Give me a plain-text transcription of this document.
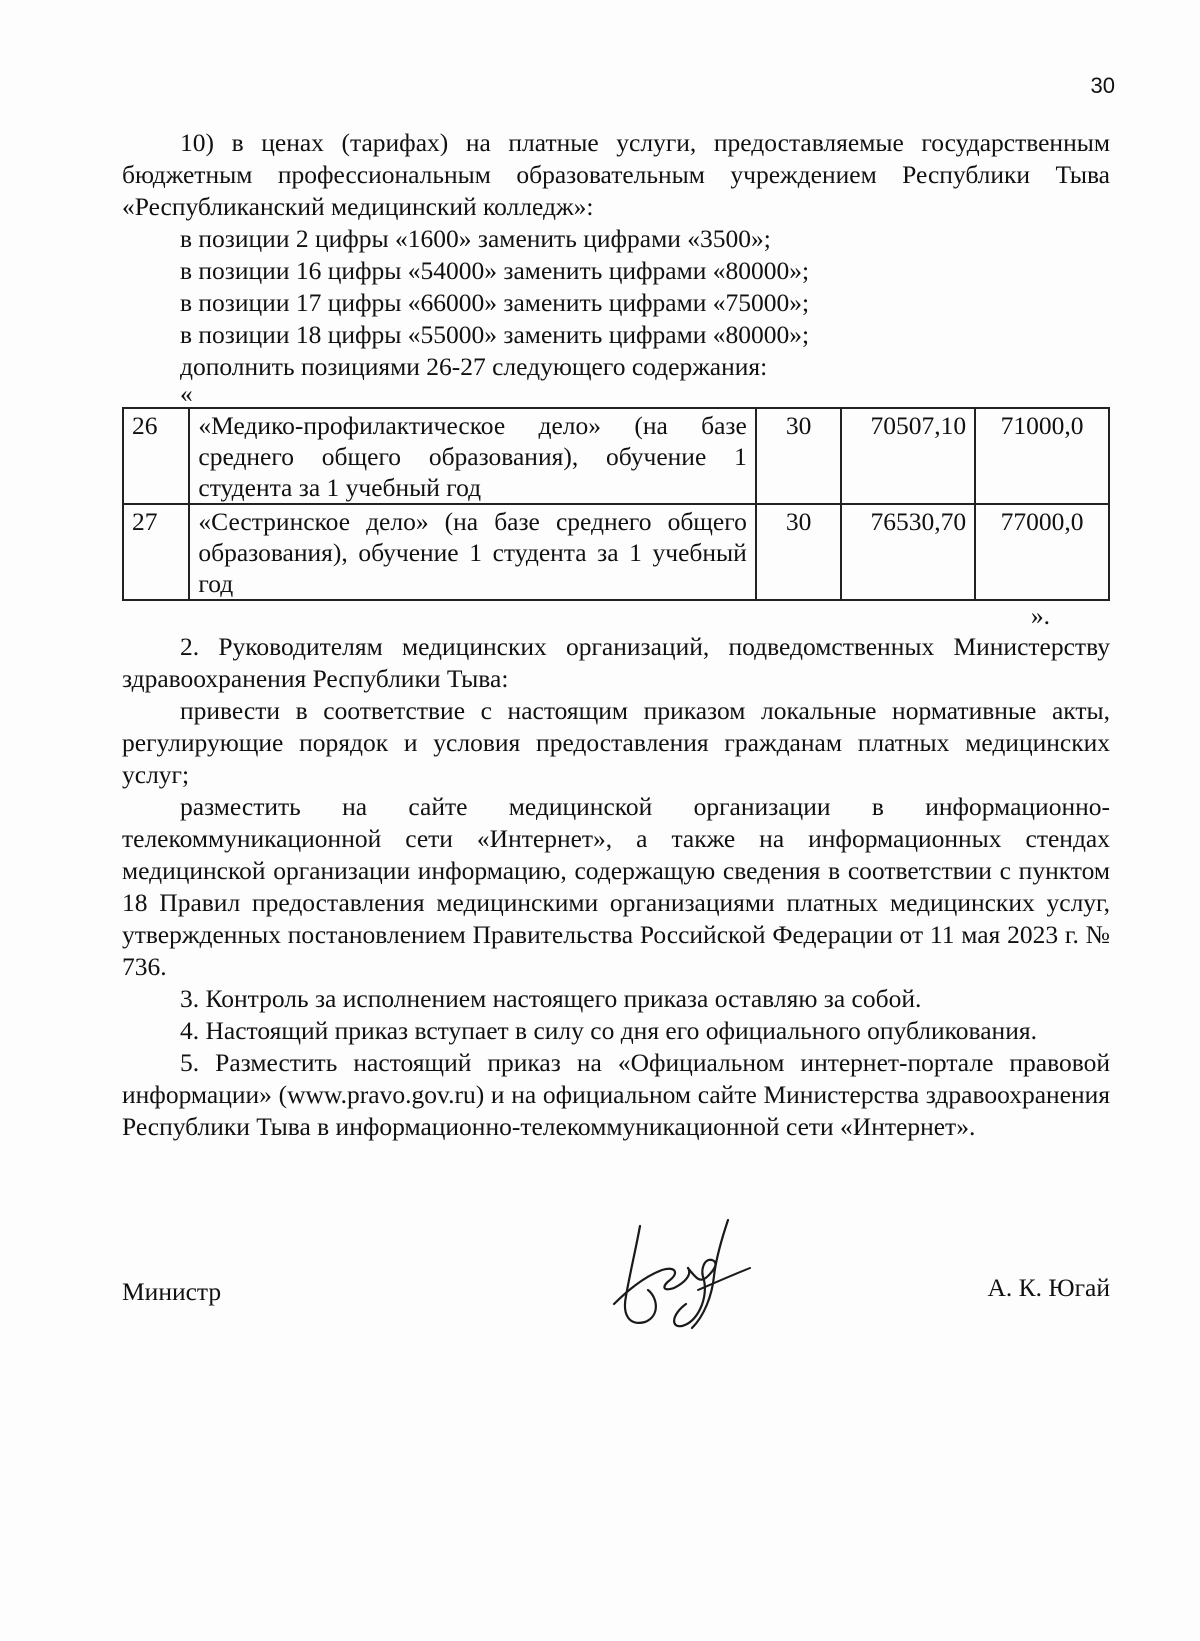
30

10) в ценах (тарифах) на платные услуги, предоставляемые государственным бюджетным профессиональным образовательным учреждением Республики Тыва «Республиканский медицинский колледж»:

в позиции 2 цифры «1600» заменить цифрами «3500»;

в позиции 16 цифры «54000» заменить цифрами «80000»;

в позиции 17 цифры «66000» заменить цифрами «75000»;

в позиции 18 цифры «55000» заменить цифрами «80000»;

дополнить позициями 26-27 следующего содержания:

«

26	«Медико-профилактическое дело» (на базе среднего общего образования), обучение 1 студента за 1 учебный год	30	70507,10	71000,0
27	«Сестринское дело» (на базе среднего общего образования), обучение 1 студента за 1 учебный год	30	76530,70	77000,0

».

2. Руководителям медицинских организаций, подведомственных Министерству здравоохранения Республики Тыва:

привести в соответствие с настоящим приказом локальные нормативные акты, регулирующие порядок и условия предоставления гражданам платных медицинских услуг;

разместить на сайте медицинской организации в информационно-телекоммуникационной сети «Интернет», а также на информационных стендах медицинской организации информацию, содержащую сведения в соответствии с пунктом 18 Правил предоставления медицинскими организациями платных медицинских услуг, утвержденных постановлением Правительства Российской Федерации от 11 мая 2023 г. № 736.

3. Контроль за исполнением настоящего приказа оставляю за собой.

4. Настоящий приказ вступает в силу со дня его официального опубликования.

5. Разместить настоящий приказ на «Официальном интернет-портале правовой информации» (www.pravo.gov.ru) и на официальном сайте Министерства здравоохранения Республики Тыва в информационно-телекоммуникационной сети «Интернет».

Министр	А. К. Югай
